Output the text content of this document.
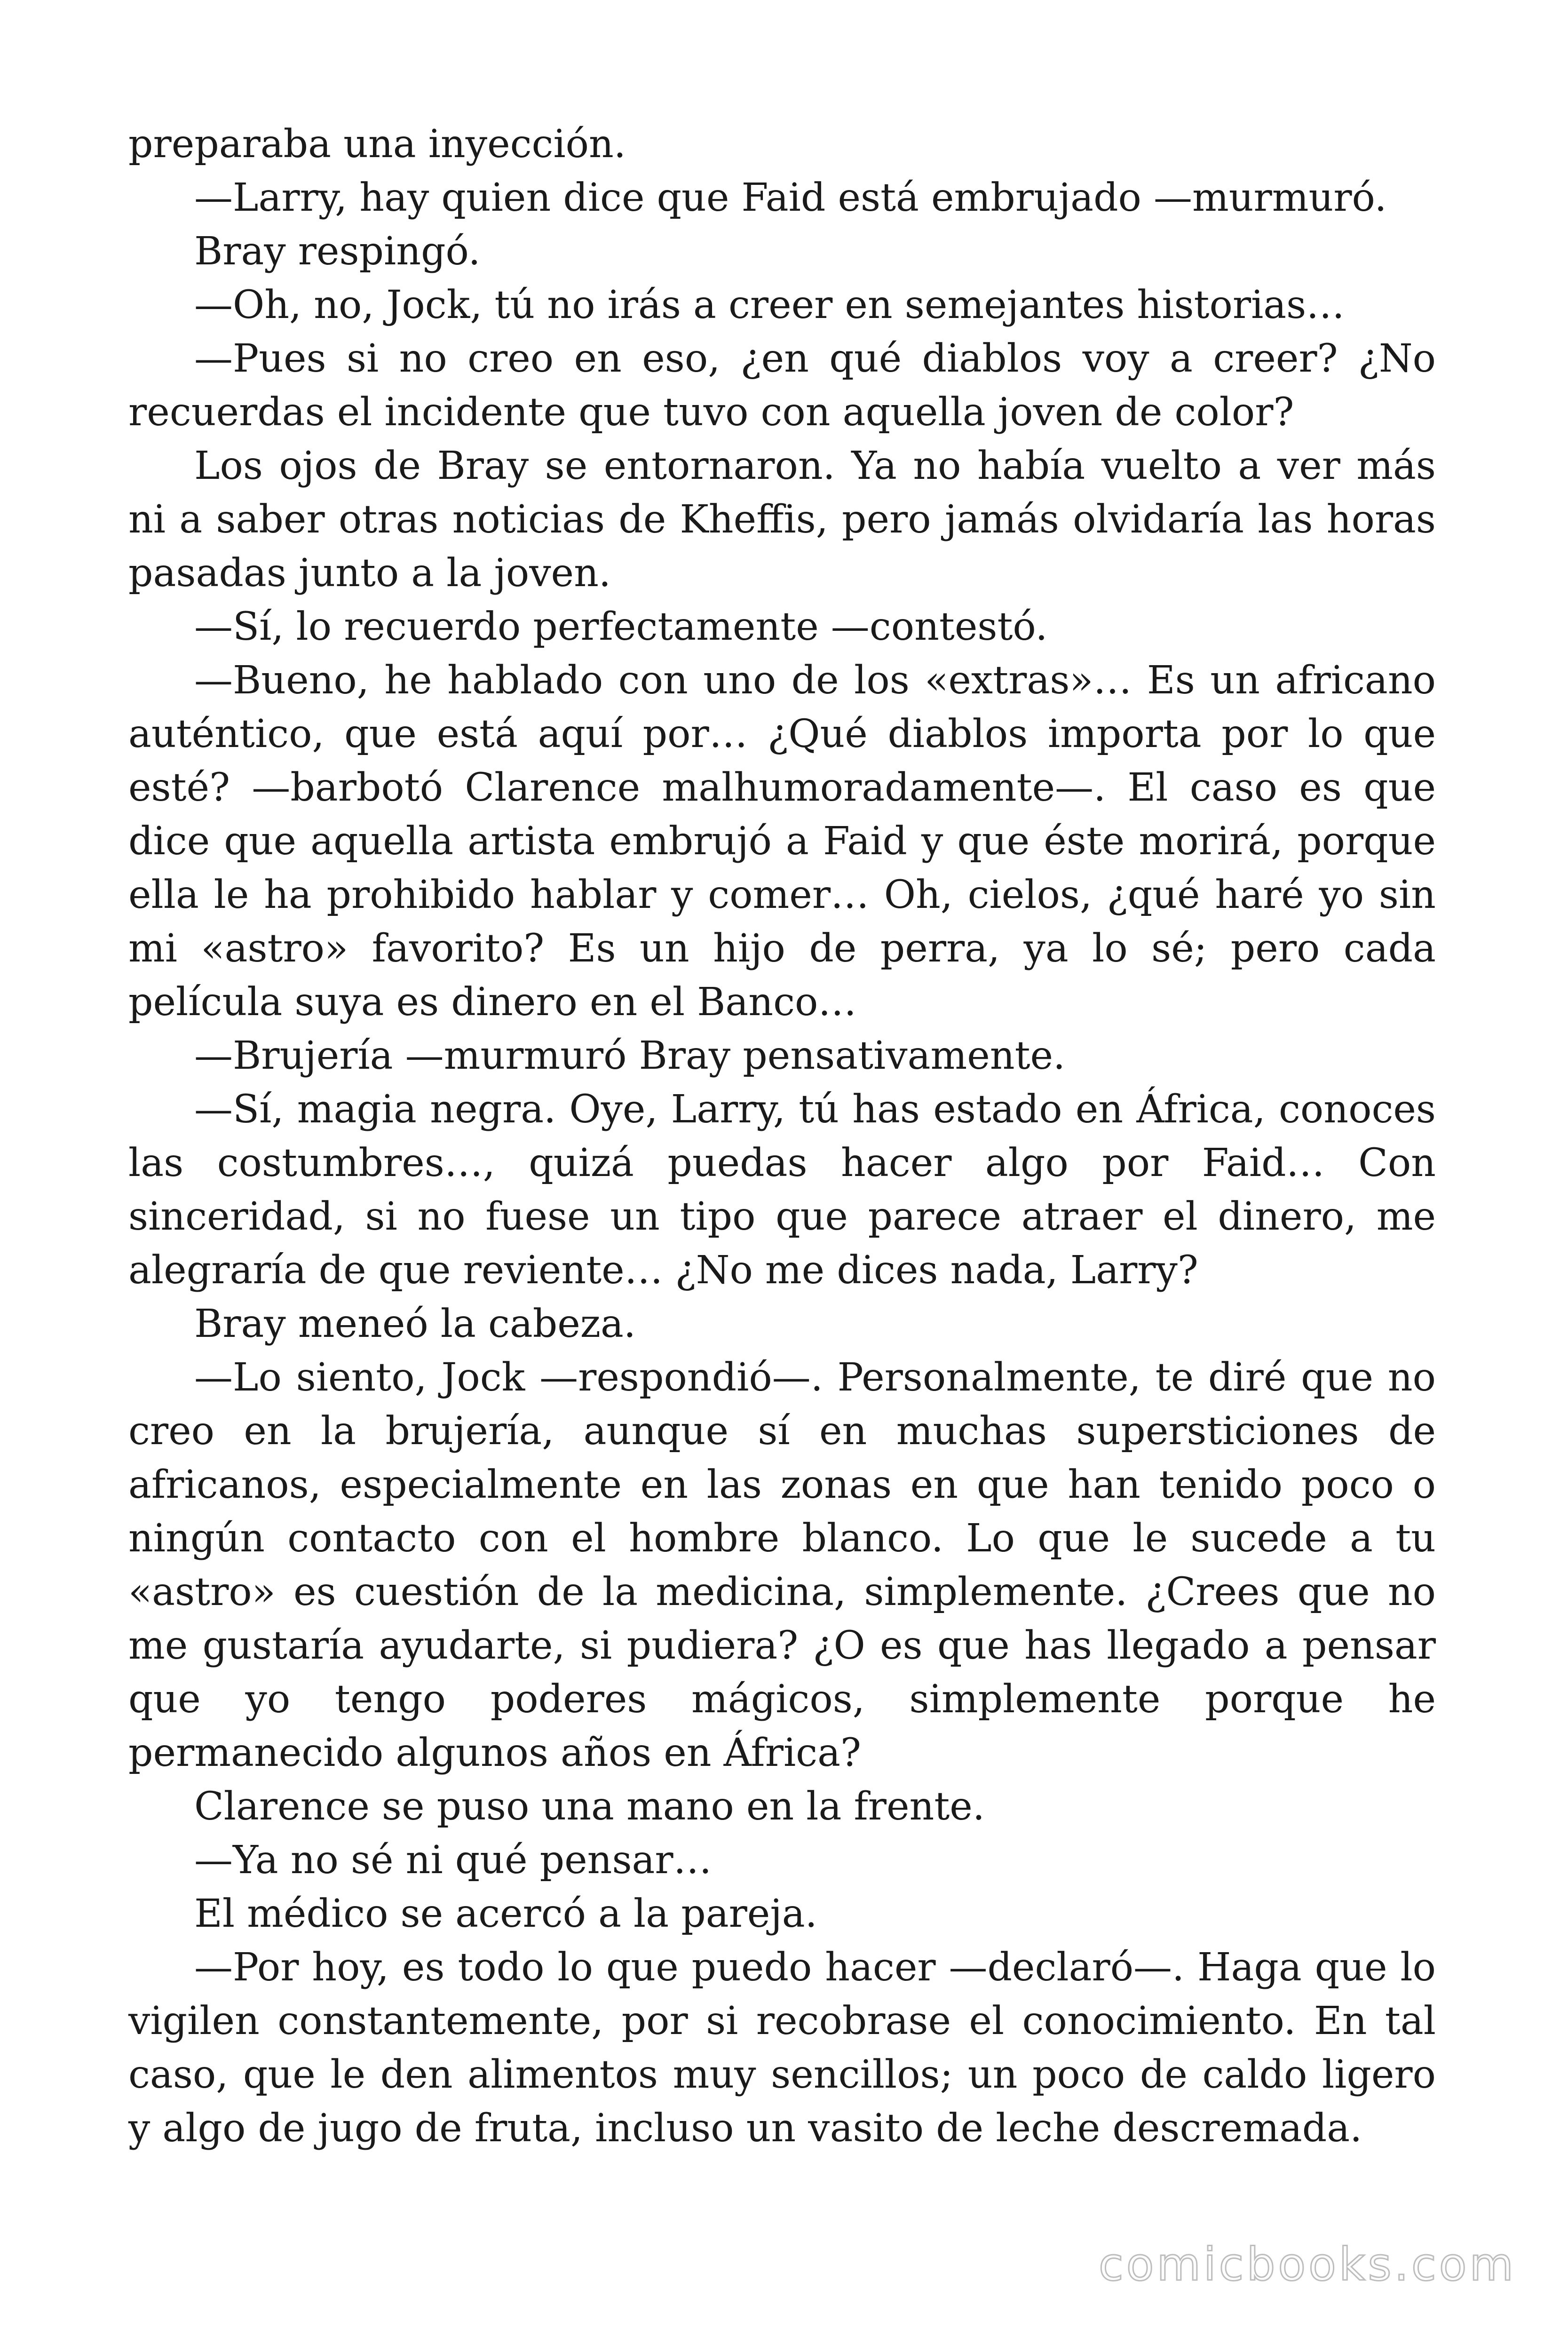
preparaba una inyección.

—Larry, hay quien dice que Faid está embrujado —murmuró.

Bray respingó.

—Oh, no, Jock, tú no irás a creer en semejantes historias…

—Pues si no creo en eso, ¿en qué diablos voy a creer? ¿No recuerdas el incidente que tuvo con aquella joven de color?

Los ojos de Bray se entornaron. Ya no había vuelto a ver más ni a saber otras noticias de Kheffis, pero jamás olvidaría las horas pasadas junto a la joven.

—Sí, lo recuerdo perfectamente —contestó.

—Bueno, he hablado con uno de los «extras»… Es un africano auténtico, que está aquí por… ¿Qué diablos importa por lo que esté? —barbotó Clarence malhumoradamente—. El caso es que dice que aquella artista embrujó a Faid y que éste morirá, porque ella le ha prohibido hablar y comer… Oh, cielos, ¿qué haré yo sin mi «astro» favorito? Es un hijo de perra, ya lo sé; pero cada película suya es dinero en el Banco…

—Brujería —murmuró Bray pensativamente.

—Sí, magia negra. Oye, Larry, tú has estado en África, conoces las costumbres…, quizá puedas hacer algo por Faid… Con sinceridad, si no fuese un tipo que parece atraer el dinero, me alegraría de que reviente… ¿No me dices nada, Larry?

Bray meneó la cabeza.

—Lo siento, Jock —respondió—. Personalmente, te diré que no creo en la brujería, aunque sí en muchas supersticiones de africanos, especialmente en las zonas en que han tenido poco o ningún contacto con el hombre blanco. Lo que le sucede a tu «astro» es cuestión de la medicina, simplemente. ¿Crees que no me gustaría ayudarte, si pudiera? ¿O es que has llegado a pensar que yo tengo poderes mágicos, simplemente porque he permanecido algunos años en África?

Clarence se puso una mano en la frente.

—Ya no sé ni qué pensar…

El médico se acercó a la pareja.

—Por hoy, es todo lo que puedo hacer —declaró—. Haga que lo vigilen constantemente, por si recobrase el conocimiento. En tal caso, que le den alimentos muy sencillos; un poco de caldo ligero y algo de jugo de fruta, incluso un vasito de leche descremada.

comicbooks.com
